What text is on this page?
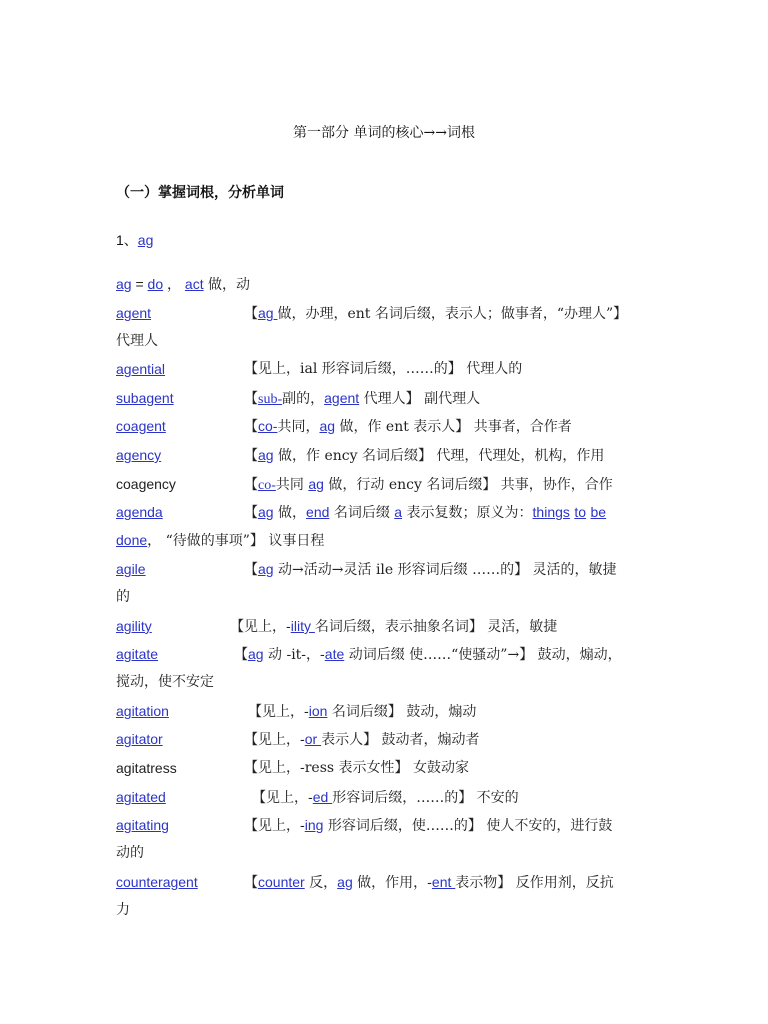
第一部分 单词的核心→→词根
（一）掌握词根，分析单词
1、ag
ag = do ， act 做，动
agent	【ag 做，办理，ent 名词后缀，表示人；做事者，“办理人”】
代理人
agential	【见上，ial 形容词后缀，……的】 代理人的
subagent	【sub-副的，agent 代理人】 副代理人
coagent	【co-共同，ag 做，作 ent 表示人】 共事者，合作者
agency	【ag 做，作 ency 名词后缀】 代理，代理处，机构，作用
coagency	【co-共同 ag 做，行动 ency 名词后缀】 共事，协作，合作
agenda	【ag 做，end 名词后缀 a 表示复数；原义为：things to be
done， “待做的事项”】 议事日程
agile	【ag 动→活动→灵活 ile 形容词后缀 ……的】 灵活的，敏捷
的
agility	【见上，-ility 名词后缀，表示抽象名词】 灵活，敏捷
agitate	【ag 动 -it-，-ate 动词后缀 使……“使骚动”→】 鼓动，煽动，
搅动，使不安定
agitation	【见上，-ion 名词后缀】 鼓动，煽动
agitator	【见上，-or 表示人】 鼓动者，煽动者
agitatress	【见上，-ress 表示女性】 女鼓动家
agitated	【见上，-ed 形容词后缀，……的】 不安的
agitating	【见上，-ing 形容词后缀，使……的】 使人不安的，进行鼓
动的
counteragent	【counter 反，ag 做，作用，-ent 表示物】 反作用剂，反抗
力
